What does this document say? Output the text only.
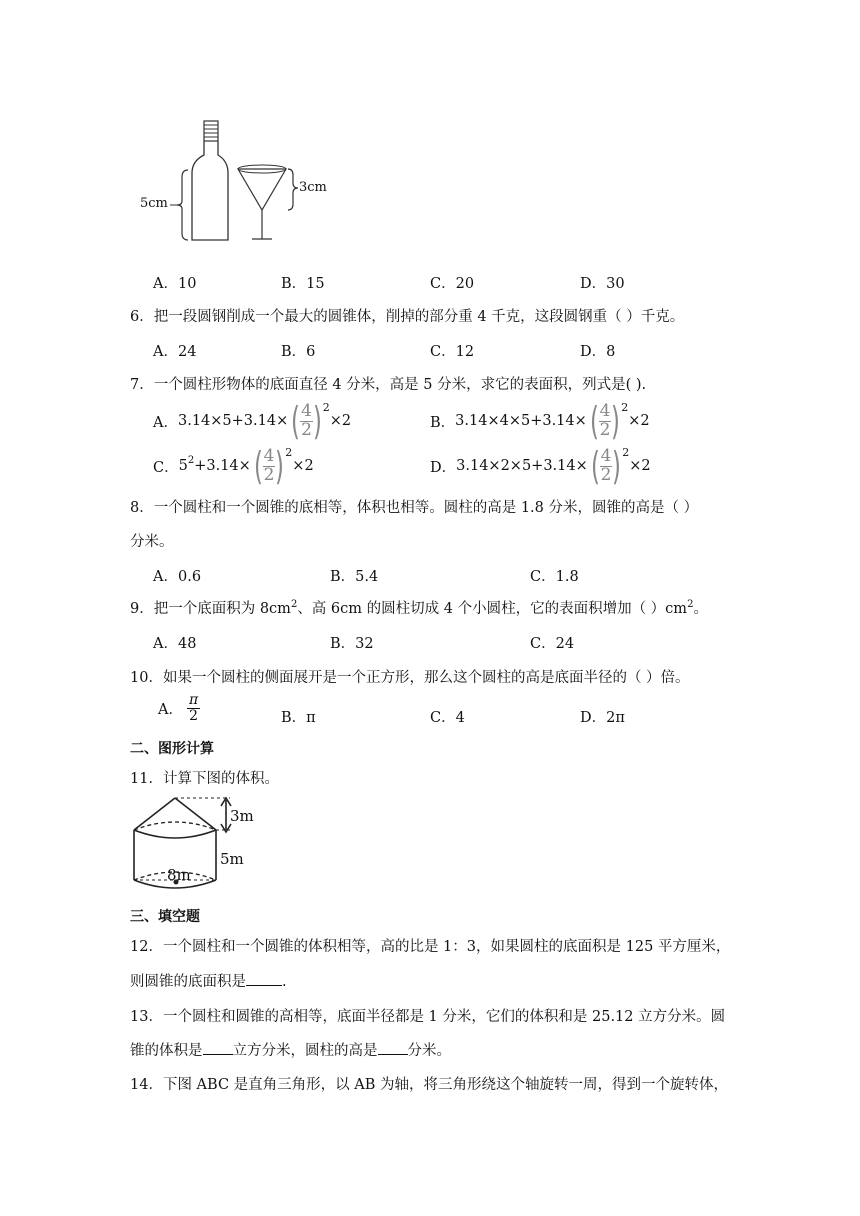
5cm
3cm
A．10	B．15	C．20	D．30
6．把一段圆钢削成一个最大的圆锥体，削掉的部分重 4 千克，这段圆钢重（ ）千克。
A．24	B．6	C．12	D．8
7．一个圆柱形物体的底面直径 4 分米，高是 5 分米，求它的表面积，列式是( ).
A． 3.14×5+3.14× ( $\frac{4}{2}$ ) 2
×2	B． 3.14×4×5+3.14× ( $\frac{4}{2}$ ) 2
×2
C． 5 2 +3.14× ( $\frac{4}{2}$ ) 2
×2	D． 3.14×2×5+3.14× ( $\frac{4}{2}$ ) 2
×2
8．一个圆柱和一个圆锥的底相等，体积也相等。圆柱的高是 1.8 分米，圆锥的高是（ ）
分米。
A．0.6	B．5.4	C．1.8
9．把一个底面积为 $8cm^2$、高 6cm 的圆柱切成 4 个小圆柱，它的表面积增加（ ）$cm^2$。
A．48	B．32	C．24
10．如果一个圆柱的侧面展开是一个正方形，那么这个圆柱的高是底面半径的（ ）倍。
A．
π
2	B．π	C．4	D．2π
二、图形计算
11．计算下图的体积。
3m
5m
8m
三、填空题
12．一个圆柱和一个圆锥的体积相等，高的比是 1：3，如果圆柱的底面积是 125 平方厘米，
则圆锥的底面积是 .
13．一个圆柱和圆锥的高相等，底面半径都是 1 分米，它们的体积和是 25.12 立方分米。圆
锥的体积是 立方分米，圆柱的高是 分米。
14．下图 ABC 是直角三角形，以 AB 为轴，将三角形绕这个轴旋转一周，得到一个旋转体，
